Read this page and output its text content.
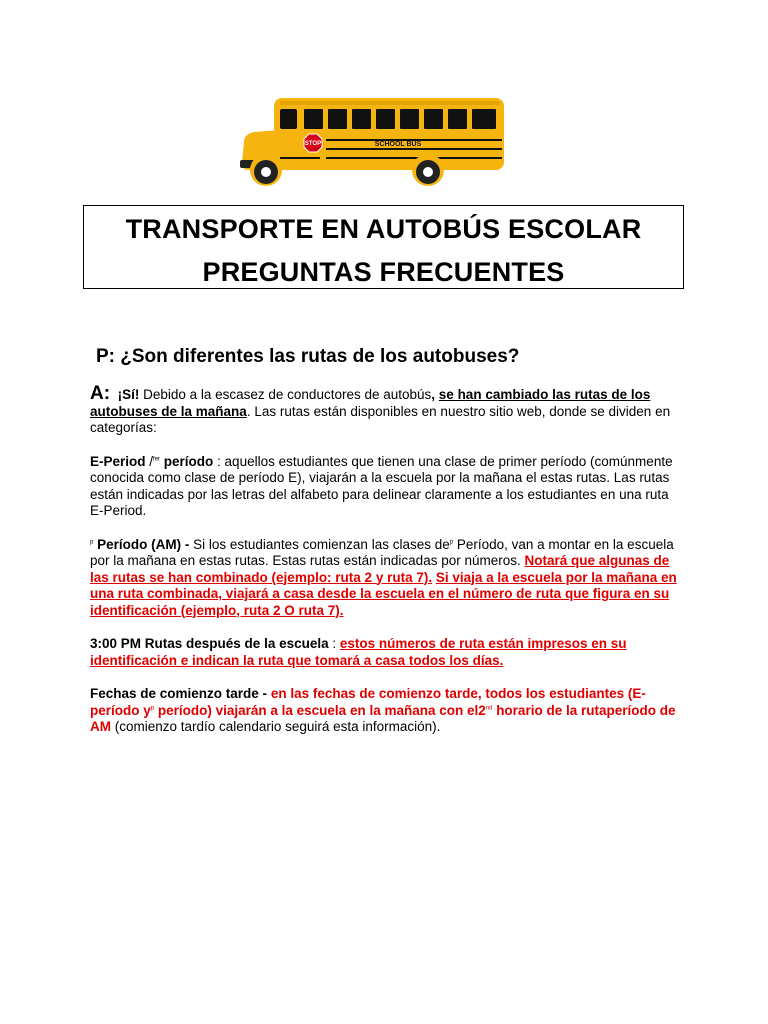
STOP	SCHOOL BUS
TRANSPORTE EN AUTOBÚS ESCOLAR
PREGUNTAS FRECUENTES
P: ¿Son diferentes las rutas de los autobuses?

A: ¡Sí! Debido a la escasez de conductores de autobús, se han cambiado las rutas de los autobuses de la mañana. Las rutas están disponibles en nuestro sitio web, donde se dividen en categorías:

E-Period /$^{fer}$ período : aquellos estudiantes que tienen una clase de primer período (comúnmente conocida como clase de período E), viajarán a la escuela por la mañana el estas rutas. Las rutas están indicadas por las letras del alfabeto para delinear claramente a los estudiantes en una ruta E-Period.

$^p$ Período (AM) - Si los estudiantes comienzan las clases $de^p$ Período, van a montar en la escuela por la mañana en estas rutas. Estas rutas están indicadas por números. Notará que algunas de las rutas se han combinado (ejemplo: ruta 2 y ruta 7). Si viaja a la escuela por la mañana en una ruta combinada, viajará a casa desde la escuela en el número de ruta que figura en su identificación (ejemplo, ruta 2 O ruta 7).

3:00 PM Rutas después de la escuela : estos números de ruta están impresos en su identificación e indican la ruta que tomará a casa todos los días.

Fechas de comienzo tarde - en las fechas de comienzo tarde, todos los estudiantes (E-período $y^p$ período) viajarán a la escuela en la mañana con el2nd horario de la rutaperíodo de AM (comienzo tardío calendario seguirá esta información).
